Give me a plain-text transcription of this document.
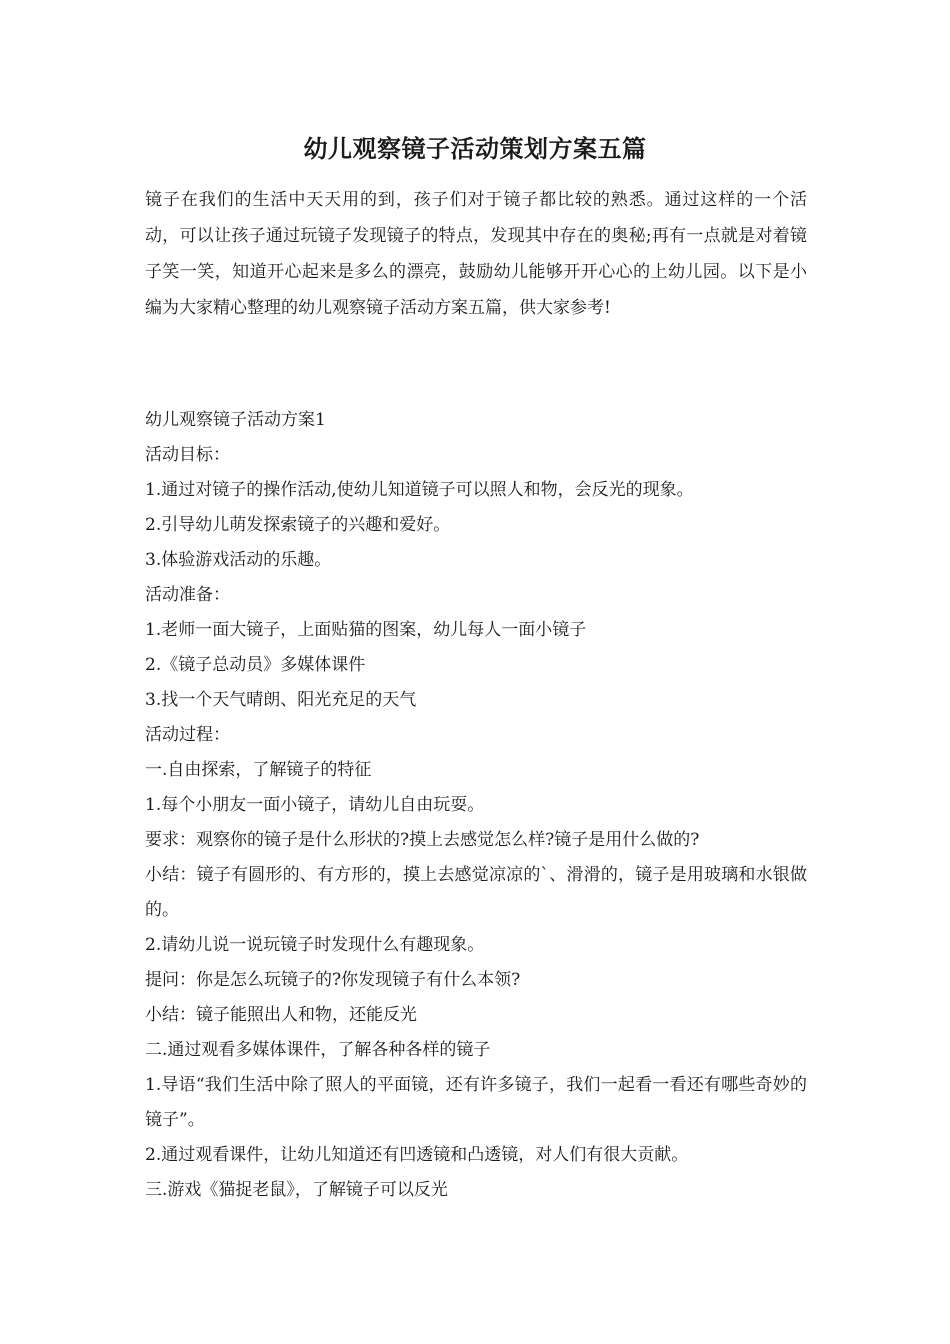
幼儿观察镜子活动策划方案五篇
镜子在我们的生活中天天用的到，孩子们对于镜子都比较的熟悉。通过这样的一个活动，可以让孩子通过玩镜子发现镜子的特点，发现其中存在的奥秘;再有一点就是对着镜子笑一笑，知道开心起来是多么的漂亮，鼓励幼儿能够开开心心的上幼儿园。以下是小编为大家精心整理的幼儿观察镜子活动方案五篇，供大家参考!
幼儿观察镜子活动方案1
活动目标：
1.通过对镜子的操作活动,使幼儿知道镜子可以照人和物，会反光的现象。
2.引导幼儿萌发探索镜子的兴趣和爱好。
3.体验游戏活动的乐趣。
活动准备：
1.老师一面大镜子，上面贴猫的图案，幼儿每人一面小镜子
2.《镜子总动员》多媒体课件
3.找一个天气晴朗、阳光充足的天气
活动过程：
一.自由探索，了解镜子的特征
1.每个小朋友一面小镜子，请幼儿自由玩耍。
要求：观察你的镜子是什么形状的?摸上去感觉怎么样?镜子是用什么做的?
小结：镜子有圆形的、有方形的，摸上去感觉凉凉的`、滑滑的，镜子是用玻璃和水银做的。
2.请幼儿说一说玩镜子时发现什么有趣现象。
提问：你是怎么玩镜子的?你发现镜子有什么本领?
小结：镜子能照出人和物，还能反光
二.通过观看多媒体课件，了解各种各样的镜子
1.导语“我们生活中除了照人的平面镜，还有许多镜子，我们一起看一看还有哪些奇妙的镜子”。
2.通过观看课件，让幼儿知道还有凹透镜和凸透镜，对人们有很大贡献。
三.游戏《猫捉老鼠》，了解镜子可以反光
